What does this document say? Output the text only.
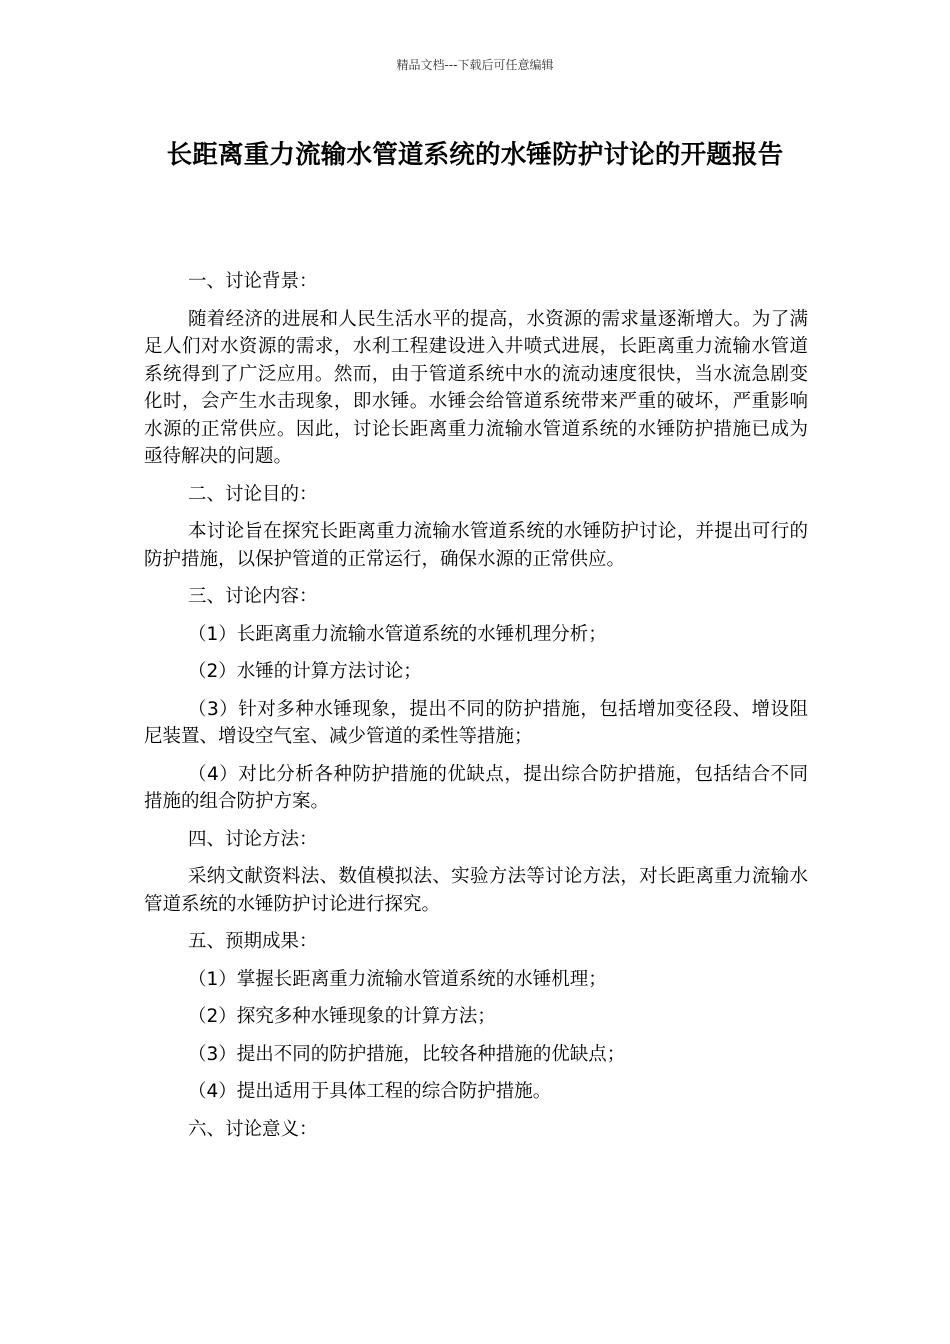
精品文档---下载后可任意编辑
长距离重力流输水管道系统的水锤防护讨论的开题报告

一、讨论背景：

随着经济的进展和人民生活水平的提高，水资源的需求量逐渐增大。为了满足人们对水资源的需求，水利工程建设进入井喷式进展，长距离重力流输水管道系统得到了广泛应用。然而，由于管道系统中水的流动速度很快，当水流急剧变化时，会产生水击现象，即水锤。水锤会给管道系统带来严重的破坏，严重影响水源的正常供应。因此，讨论长距离重力流输水管道系统的水锤防护措施已成为亟待解决的问题。

二、讨论目的：

本讨论旨在探究长距离重力流输水管道系统的水锤防护讨论，并提出可行的防护措施，以保护管道的正常运行，确保水源的正常供应。

三、讨论内容：

（1）长距离重力流输水管道系统的水锤机理分析；

（2）水锤的计算方法讨论；

（3）针对多种水锤现象，提出不同的防护措施，包括增加变径段、增设阻尼装置、增设空气室、减少管道的柔性等措施；

（4）对比分析各种防护措施的优缺点，提出综合防护措施，包括结合不同措施的组合防护方案。

四、讨论方法：

采纳文献资料法、数值模拟法、实验方法等讨论方法，对长距离重力流输水管道系统的水锤防护讨论进行探究。

五、预期成果：

（1）掌握长距离重力流输水管道系统的水锤机理；

（2）探究多种水锤现象的计算方法；

（3）提出不同的防护措施，比较各种措施的优缺点；

（4）提出适用于具体工程的综合防护措施。

六、讨论意义：
